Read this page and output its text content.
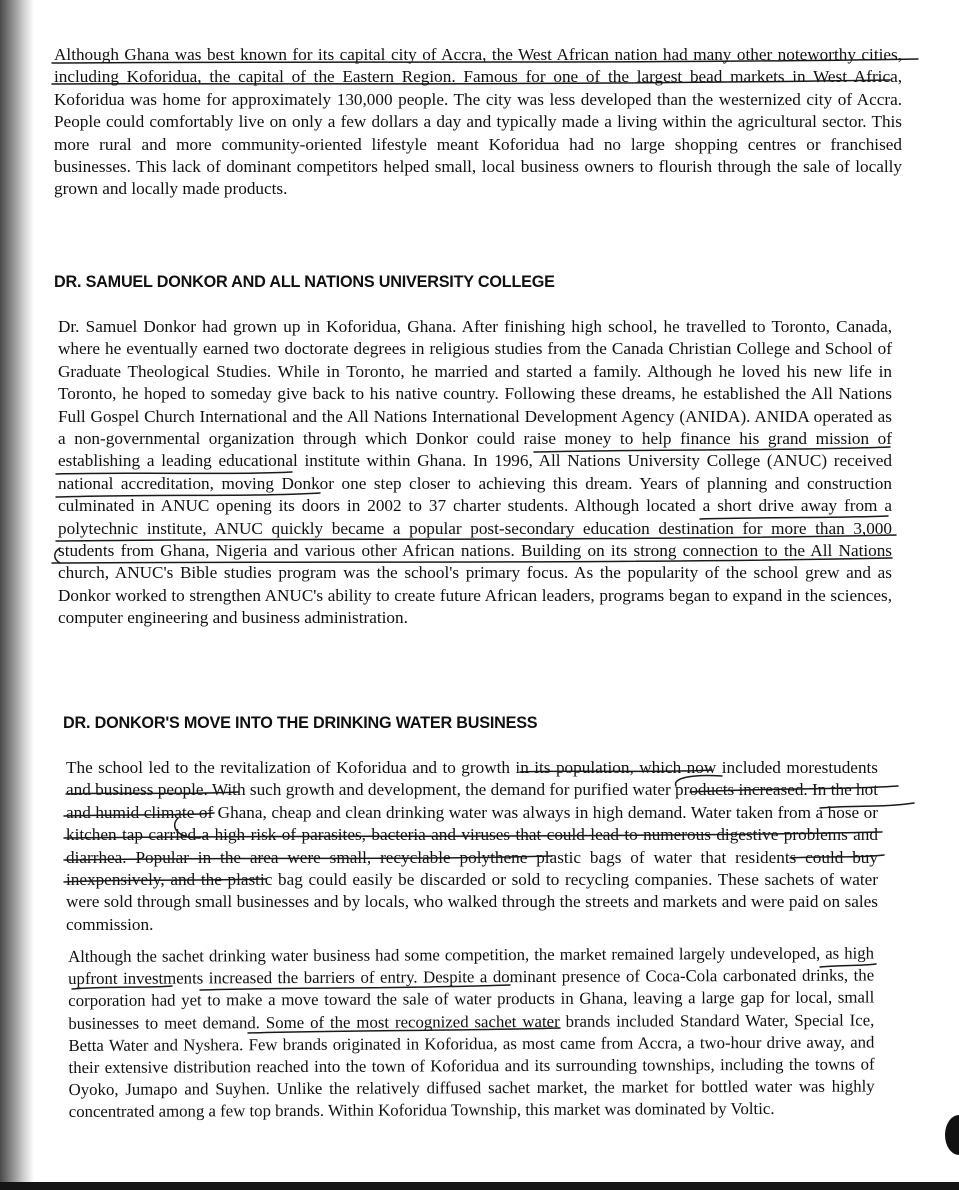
Although Ghana was best known for its capital city of Accra, the West African nation had many other noteworthy cities, including Koforidua, the capital of the Eastern Region. Famous for one of the largest bead markets in West Africa, Koforidua was home for approximately 130,000 people. The city was less developed than the westernized city of Accra. People could comfortably live on only a few dollars a day and typically made a living within the agricultural sector. This more rural and more community-oriented lifestyle meant Koforidua had no large shopping centres or franchised businesses. This lack of dominant competitors helped small, local business owners to flourish through the sale of locally grown and locally made products.

DR. SAMUEL DONKOR AND ALL NATIONS UNIVERSITY COLLEGE

Dr. Samuel Donkor had grown up in Koforidua, Ghana. After finishing high school, he travelled to Toronto, Canada, where he eventually earned two doctorate degrees in religious studies from the Canada Christian College and School of Graduate Theological Studies. While in Toronto, he married and started a family. Although he loved his new life in Toronto, he hoped to someday give back to his native country. Following these dreams, he established the All Nations Full Gospel Church International and the All Nations International Development Agency (ANIDA). ANIDA operated as a non-governmental organization through which Donkor could raise money to help finance his grand mission of establishing a leading educational institute within Ghana. In 1996, All Nations University College (ANUC) received national accreditation, moving Donkor one step closer to achieving this dream. Years of planning and construction culminated in ANUC opening its doors in 2002 to 37 charter students. Although located a short drive away from a polytechnic institute, ANUC quickly became a popular post-secondary education destination for more than 3,000 students from Ghana, Nigeria and various other African nations. Building on its strong connection to the All Nations church, ANUC's Bible studies program was the school's primary focus. As the popularity of the school grew and as Donkor worked to strengthen ANUC's ability to create future African leaders, programs began to expand in the sciences, computer engineering and business administration.

DR. DONKOR'S MOVE INTO THE DRINKING WATER BUSINESS

The school led to the revitalization of Koforidua and to growth in its population, which now included morestudents and business people. With such growth and development, the demand for purified water products increased. In the hot and humid climate of Ghana, cheap and clean drinking water was always in high demand. Water taken from a hose or kitchen tap carried a high risk of parasites, bacteria and viruses that could lead to numerous digestive problems and diarrhea. Popular in the area were small, recyclable polythene plastic bags of water that residents could buy inexpensively, and the plastic bag could easily be discarded or sold to recycling companies. These sachets of water were sold through small businesses and by locals, who walked through the streets and markets and were paid on sales commission.

Although the sachet drinking water business had some competition, the market remained largely undeveloped, as high upfront investments increased the barriers of entry. Despite a dominant presence of Coca-Cola carbonated drinks, the corporation had yet to make a move toward the sale of water products in Ghana, leaving a large gap for local, small businesses to meet demand. Some of the most recognized sachet water brands included Standard Water, Special Ice, Betta Water and Nyshera. Few brands originated in Koforidua, as most came from Accra, a two-hour drive away, and their extensive distribution reached into the town of Koforidua and its surrounding townships, including the towns of Oyoko, Jumapo and Suyhen. Unlike the relatively diffused sachet market, the market for bottled water was highly concentrated among a few top brands. Within Koforidua Township, this market was dominated by Voltic.
